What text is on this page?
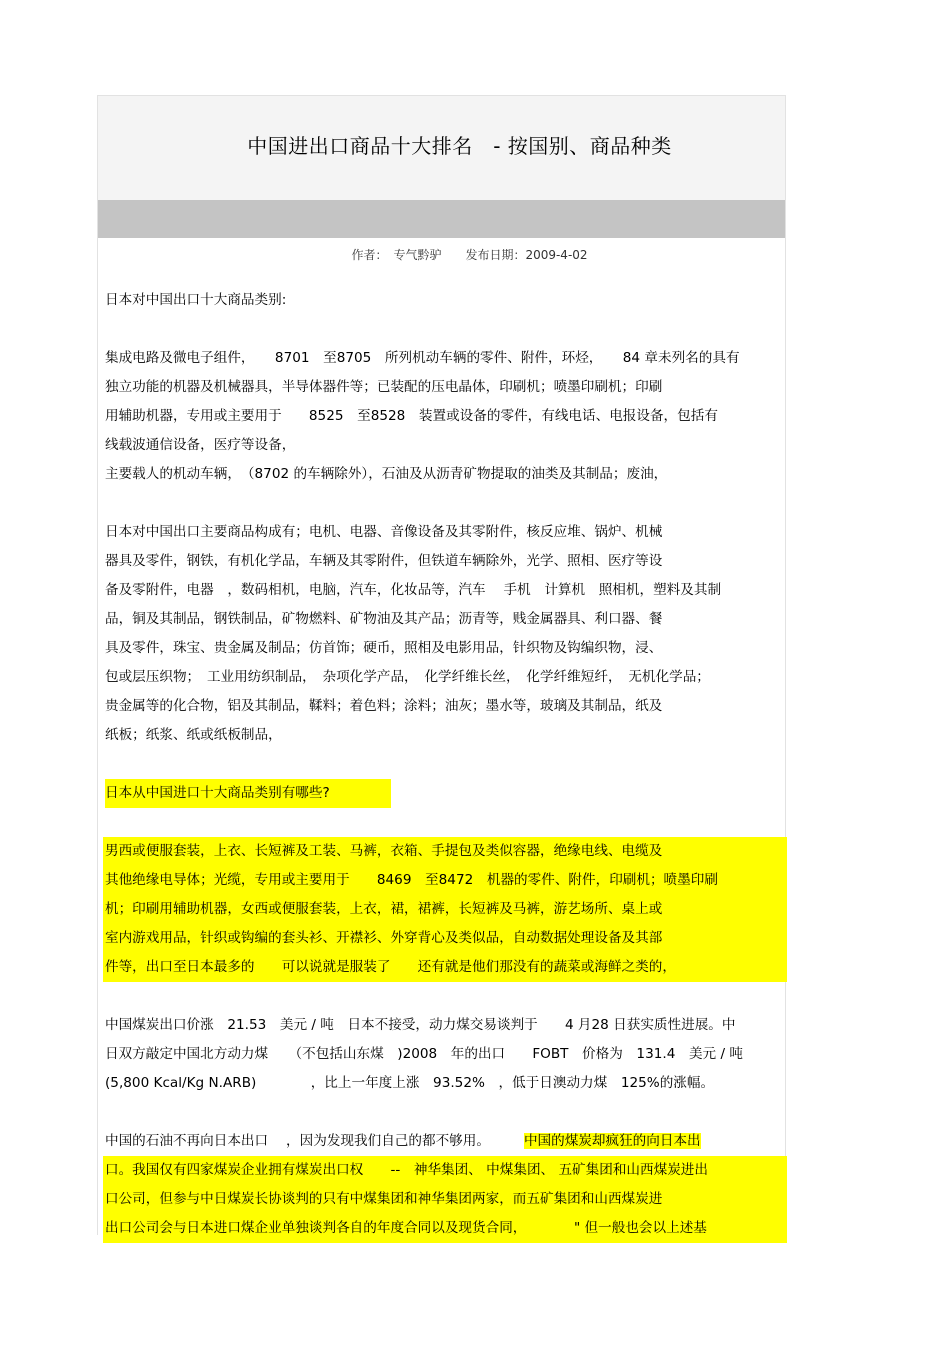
中国进出口商品十大排名　- 按国别、商品种类
作者：　专气黔驴　　发布日期：2009-4-02

日本对中国出口十大商品类别:

集成电路及微电子组件，　　8701　至8705　所列机动车辆的零件、附件，环烃，　　84 章未列名的具有

独立功能的机器及机械器具，半导体器件等；已装配的压电晶体，印刷机；喷墨印刷机；印刷

用辅助机器，专用或主要用于　　8525　至8528　装置或设备的零件，有线电话、电报设备，包括有

线载波通信设备，医疗等设备，

主要载人的机动车辆，　（8702 的车辆除外），石油及从沥青矿物提取的油类及其制品；废油，

日本对中国出口主要商品构成有；电机、电器、音像设备及其零附件，核反应堆、锅炉、机械

器具及零件，钢铁，有机化学品，车辆及其零附件，但铁道车辆除外，光学、照相、医疗等设

备及零附件，电器　，数码相机，电脑，汽车，化妆品等，汽车　 手机　计算机　照相机，塑料及其制

品，铜及其制品，钢铁制品，矿物燃料、矿物油及其产品；沥青等，贱金属器具、利口器、餐

具及零件，珠宝、贵金属及制品；仿首饰；硬币，照相及电影用品，针织物及钩编织物，浸、

包或层压织物；　工业用纺织制品，　杂项化学产品，　化学纤维长丝，　化学纤维短纤，　无机化学品；

贵金属等的化合物，铝及其制品，鞣料；着色料；涂料；油灰；墨水等，玻璃及其制品，纸及

纸板；纸浆、纸或纸板制品，

日本从中国进口十大商品类别有哪些?

男西或便服套装，上衣、长短裤及工装、马裤，衣箱、手提包及类似容器，绝缘电线、电缆及

其他绝缘电导体；光缆，专用或主要用于　　8469　至8472　机器的零件、附件，印刷机；喷墨印刷

机；印刷用辅助机器，女西或便服套装，上衣，裙，裙裤，长短裤及马裤，游艺场所、桌上或

室内游戏用品，针织或钩编的套头衫、开襟衫、外穿背心及类似品，自动数据处理设备及其部

件等，出口至日本最多的　　可以说就是服装了　　还有就是他们那没有的蔬菜或海鲜之类的，

中国煤炭出口价涨　21.53　美元 / 吨　日本不接受，动力煤交易谈判于　　4 月28 日获实质性进展。中

日双方敲定中国北方动力煤　　（不包括山东煤　)2008　年的出口　　FOBT　价格为　131.4　美元 / 吨

(5,800 Kcal/Kg N.ARB)　　　　，比上一年度上涨　93.52%　，低于日澳动力煤　125%的涨幅。

中国的石油不再向日本出口　 ，因为发现我们自己的都不够用。　　　中国的煤炭却疯狂的向日本出

口。我国仅有四家煤炭企业拥有煤炭出口权　　--　神华集团、 中煤集团、 五矿集团和山西煤炭进出

口公司，但参与中日煤炭长协谈判的只有中煤集团和神华集团两家，而五矿集团和山西煤炭进

出口公司会与日本进口煤企业单独谈判各自的年度合同以及现货合同，　　　　" 但一般也会以上述基
